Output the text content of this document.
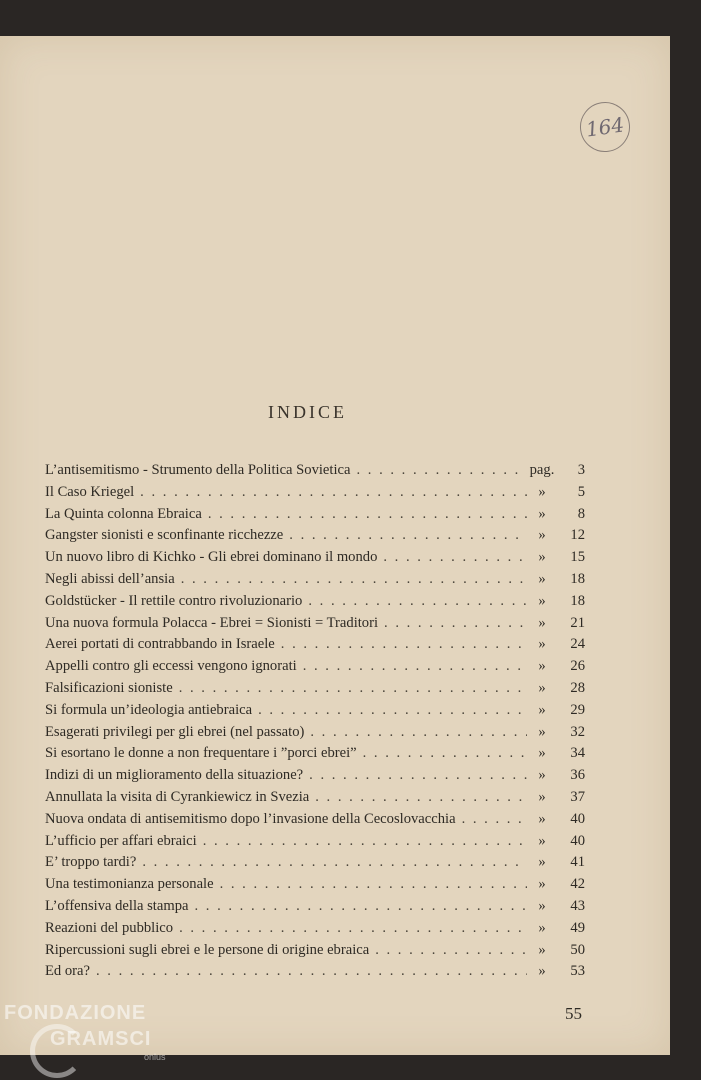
164
INDICE
L’antisemitismo - Strumento della Politica Sovietica . . .	pag.	3
Il Caso Kriegel . . .	»	5
La Quinta colonna Ebraica . . .	»	8
Gangster sionisti e sconfinante ricchezze . . .	»	12
Un nuovo libro di Kichko - Gli ebrei dominano il mondo . . .	»	15
Negli abissi dell’ansia . . .	»	18
Goldstücker - Il rettile contro rivoluzionario . . .	»	18
Una nuova formula Polacca - Ebrei = Sionisti = Traditori . . .	»	21
Aerei portati di contrabbando in Israele . . .	»	24
Appelli contro gli eccessi vengono ignorati . . .	»	26
Falsificazioni sioniste . . .	»	28
Si formula un’ideologia antiebraica . . .	»	29
Esagerati privilegi per gli ebrei (nel passato) . . .	»	32
Si esortano le donne a non frequentare i ”porci ebrei” . . .	»	34
Indizi di un miglioramento della situazione? . . .	»	36
Annullata la visita di Cyrankiewicz in Svezia . . .	»	37
Nuova ondata di antisemitismo dopo l’invasione della Cecoslovacchia . . .	»	40
L’ufficio per affari ebraici . . .	»	40
E’ troppo tardi? . . .	»	41
Una testimonianza personale . . .	»	42
L’offensiva della stampa . . .	»	43
Reazioni del pubblico . . .	»	49
Ripercussioni sugli ebrei e le persone di origine ebraica . . .	»	50
Ed ora? . . .	»	53
55
FONDAZIONE
GRAMSCI
onlus
